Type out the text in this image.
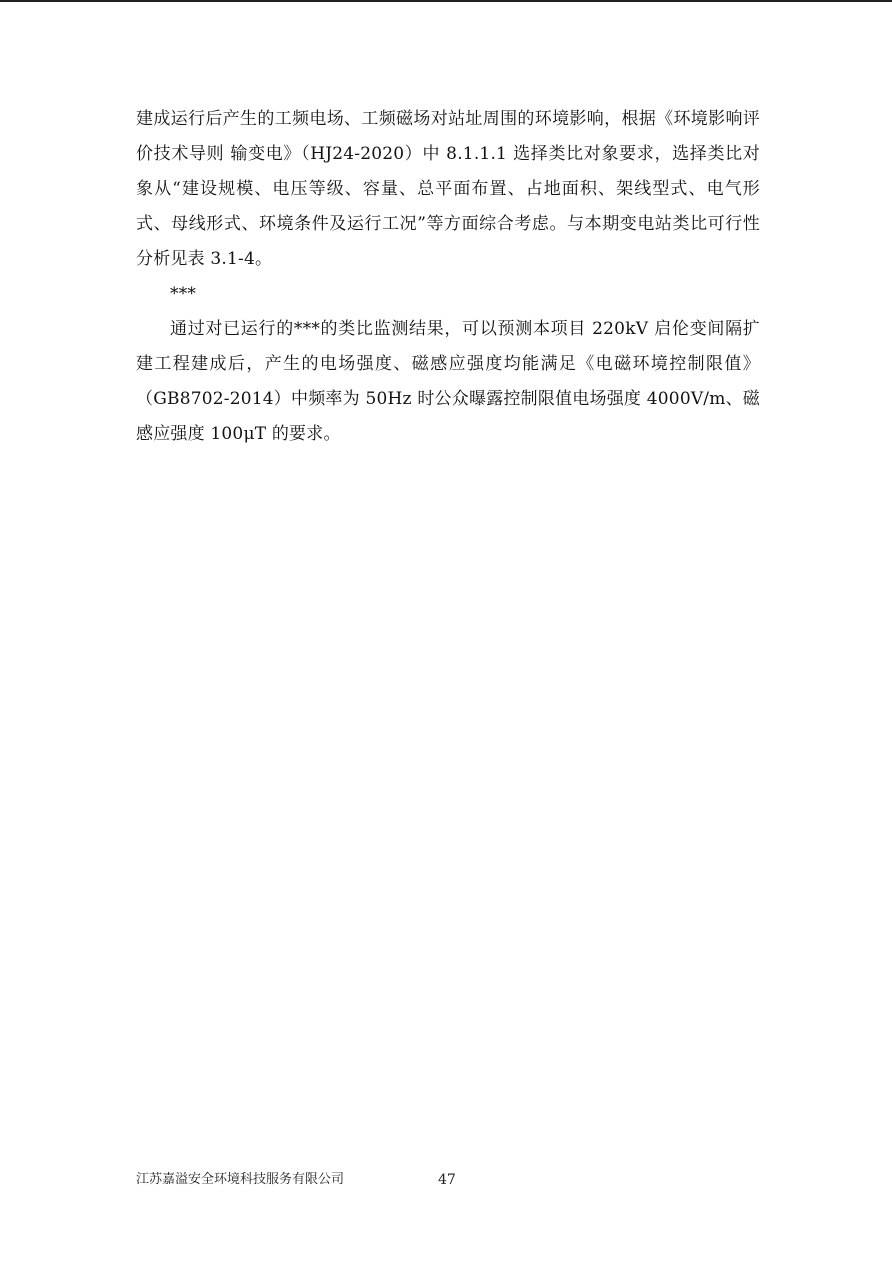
建成运行后产生的工频电场、工频磁场对站址周围的环境影响，根据《环境影响评价技术导则 输变电》（HJ24-2020）中 8.1.1.1 选择类比对象要求，选择类比对象从“建设规模、电压等级、容量、总平面布置、占地面积、架线型式、电气形式、母线形式、环境条件及运行工况”等方面综合考虑。与本期变电站类比可行性分析见表 3.1-4。

***

通过对已运行的***的类比监测结果，可以预测本项目 220kV 启伦变间隔扩建工程建成后，产生的电场强度、磁感应强度均能满足《电磁环境控制限值》（GB8702-2014）中频率为 50Hz 时公众曝露控制限值电场强度 4000V/m、磁感应强度 100μT 的要求。

江苏嘉溢安全环境科技服务有限公司	47
